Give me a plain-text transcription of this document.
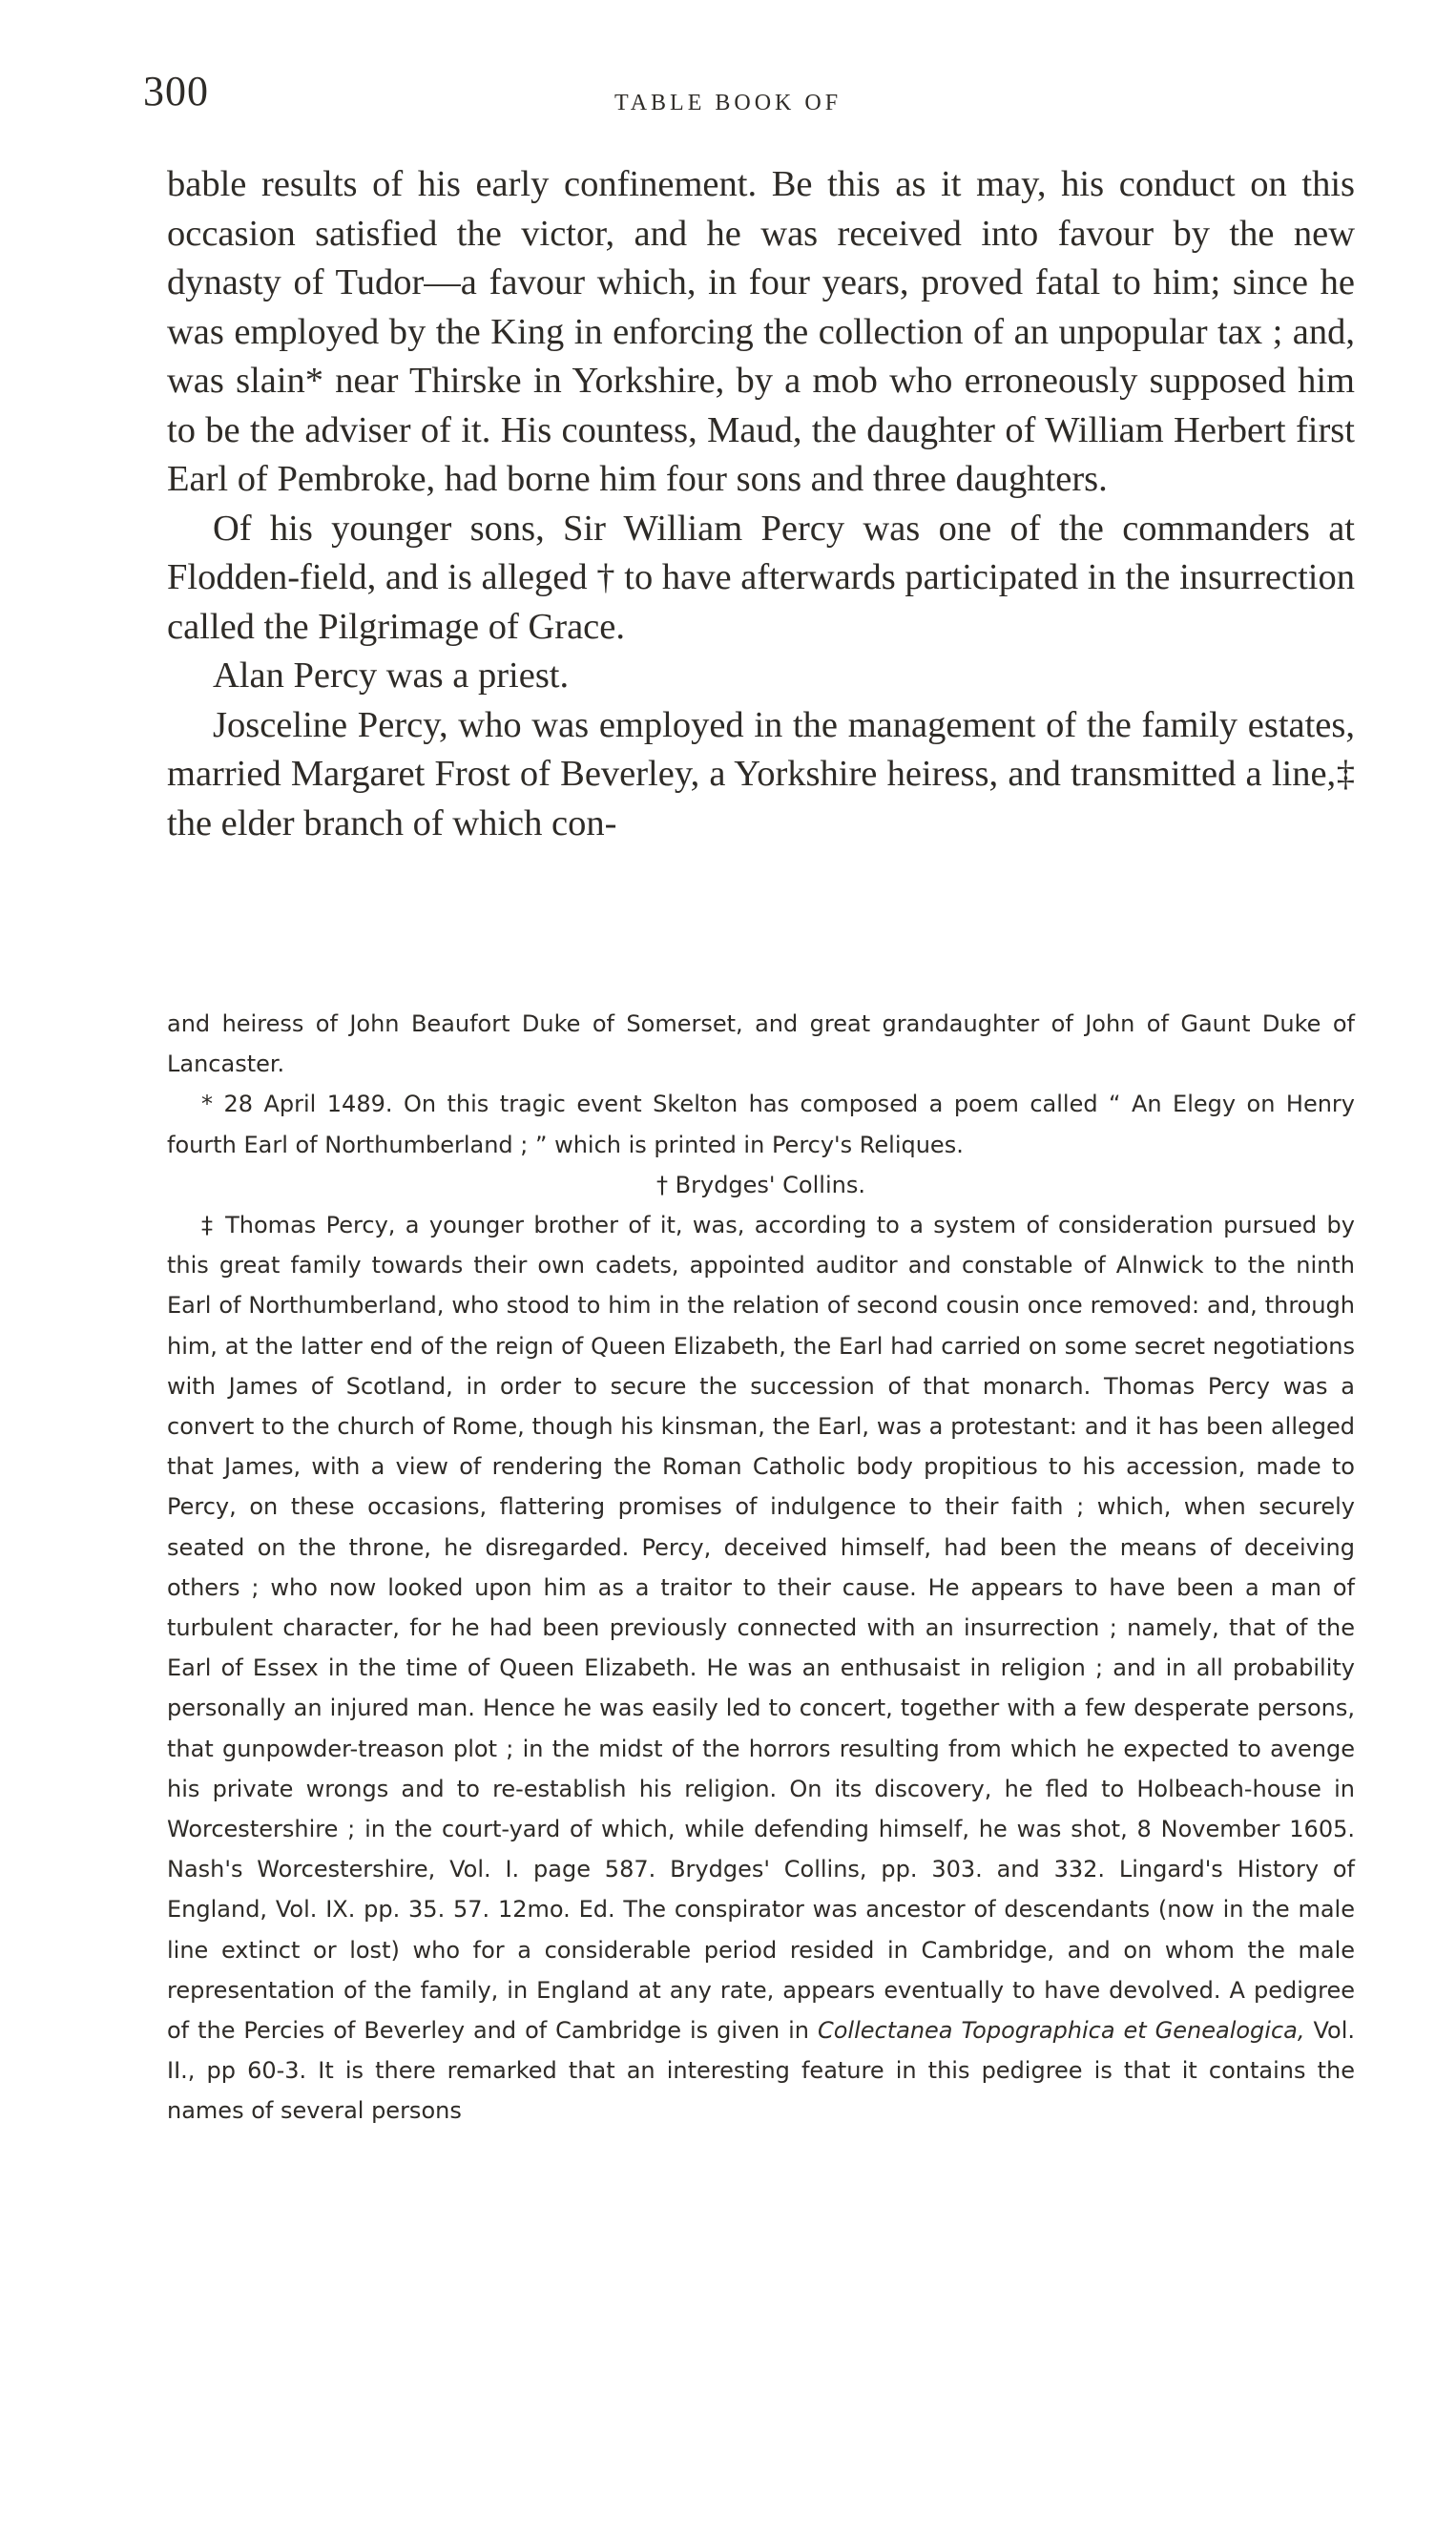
300	TABLE BOOK OF

bable results of his early confinement. Be this as it may, his conduct on this occasion satisfied the victor, and he was received into favour by the new dynasty of Tudor—a favour which, in four years, proved fatal to him; since he was employed by the King in enforcing the collection of an unpopular tax ; and, was slain* near Thirske in Yorkshire, by a mob who erroneously supposed him to be the adviser of it. His countess, Maud, the daughter of William Herbert first Earl of Pembroke, had borne him four sons and three daughters.

Of his younger sons, Sir William Percy was one of the commanders at Flodden-field, and is alleged † to have afterwards participated in the insurrection called the Pilgrimage of Grace.

Alan Percy was a priest.

Josceline Percy, who was employed in the management of the family estates, married Margaret Frost of Beverley, a Yorkshire heiress, and transmitted a line,‡ the elder branch of which con-

and heiress of John Beaufort Duke of Somerset, and great grandaughter of John of Gaunt Duke of Lancaster.

* 28 April 1489. On this tragic event Skelton has composed a poem called “ An Elegy on Henry fourth Earl of Northumberland ; ” which is printed in Percy's Reliques.

† Brydges' Collins.

‡ Thomas Percy, a younger brother of it, was, according to a system of consideration pursued by this great family towards their own cadets, appointed auditor and constable of Alnwick to the ninth Earl of Northumberland, who stood to him in the relation of second cousin once removed: and, through him, at the latter end of the reign of Queen Elizabeth, the Earl had carried on some secret negotiations with James of Scotland, in order to secure the succession of that monarch. Thomas Percy was a convert to the church of Rome, though his kinsman, the Earl, was a protestant: and it has been alleged that James, with a view of rendering the Roman Catholic body propitious to his accession, made to Percy, on these occasions, flattering promises of indulgence to their faith ; which, when securely seated on the throne, he disregarded. Percy, deceived himself, had been the means of deceiving others ; who now looked upon him as a traitor to their cause. He appears to have been a man of turbulent character, for he had been previously connected with an insurrection ; namely, that of the Earl of Essex in the time of Queen Elizabeth. He was an enthusaist in religion ; and in all probability personally an injured man. Hence he was easily led to concert, together with a few desperate persons, that gunpowder-treason plot ; in the midst of the horrors resulting from which he expected to avenge his private wrongs and to re-establish his religion. On its discovery, he fled to Holbeach-house in Worcestershire ; in the court-yard of which, while defending himself, he was shot, 8 November 1605. Nash's Worcestershire, Vol. I. page 587. Brydges' Collins, pp. 303. and 332. Lingard's History of England, Vol. IX. pp. 35. 57. 12mo. Ed. The conspirator was ancestor of descendants (now in the male line extinct or lost) who for a considerable period resided in Cambridge, and on whom the male representation of the family, in England at any rate, appears eventually to have devolved. A pedigree of the Percies of Beverley and of Cambridge is given in Collectanea Topographica et Genealogica, Vol. II., pp 60-3. It is there remarked that an interesting feature in this pedigree is that it contains the names of several persons
